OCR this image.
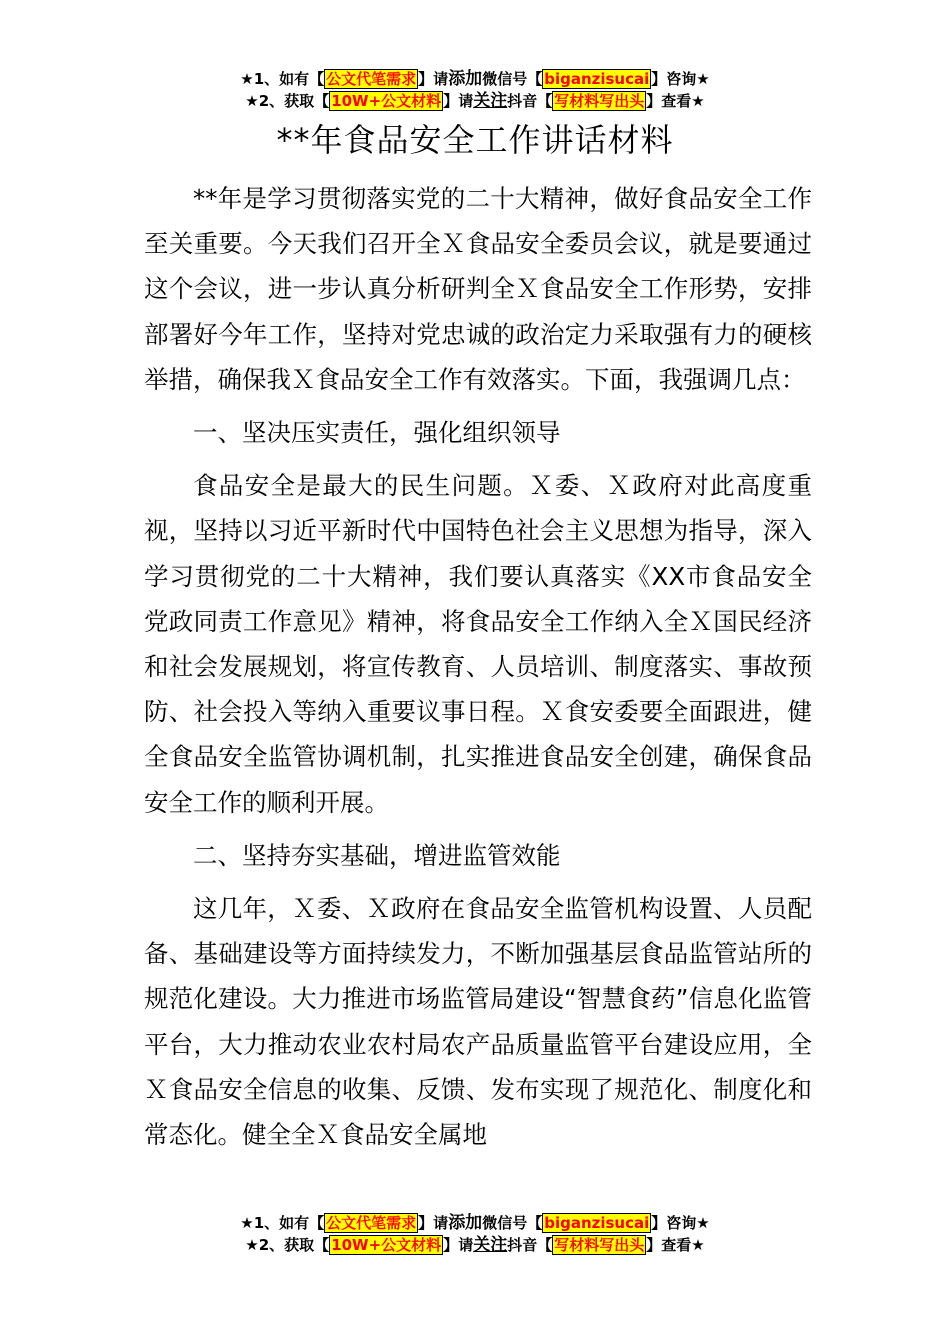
★1、如有【 公文代笔需求 】请添加微信号【 biganzisucai 】咨询★
★2、获取【 10W+公文材料 】请关注抖音【 写材料写出头 】查看★
**年食品安全工作讲话材料

**年是学习贯彻落实党的二十大精神，做好食品安全工作至关重要。今天我们召开全Ｘ食品安全委员会议，就是要通过这个会议，进一步认真分析研判全Ｘ食品安全工作形势，安排部署好今年工作，坚持对党忠诚的政治定力采取强有力的硬核举措，确保我Ｘ食品安全工作有效落实。下面，我强调几点：

一、坚决压实责任，强化组织领导

食品安全是最大的民生问题。Ｘ委、Ｘ政府对此高度重视，坚持以习近平新时代中国特色社会主义思想为指导，深入学习贯彻党的二十大精神，我们要认真落实《XX市食品安全党政同责工作意见》精神，将食品安全工作纳入全Ｘ国民经济和社会发展规划，将宣传教育、人员培训、制度落实、事故预防、社会投入等纳入重要议事日程。Ｘ食安委要全面跟进，健全食品安全监管协调机制，扎实推进食品安全创建，确保食品安全工作的顺利开展。

二、坚持夯实基础，增进监管效能

这几年，Ｘ委、Ｘ政府在食品安全监管机构设置、人员配备、基础建设等方面持续发力，不断加强基层食品监管站所的规范化建设。大力推进市场监管局建设“智慧食药”信息化监管平台，大力推动农业农村局农产品质量监管平台建设应用，全Ｘ食品安全信息的收集、反馈、发布实现了规范化、制度化和常态化。健全全Ｘ食品安全属地

★1、如有【 公文代笔需求 】请添加微信号【 biganzisucai 】咨询★
★2、获取【 10W+公文材料 】请关注抖音【 写材料写出头 】查看★
